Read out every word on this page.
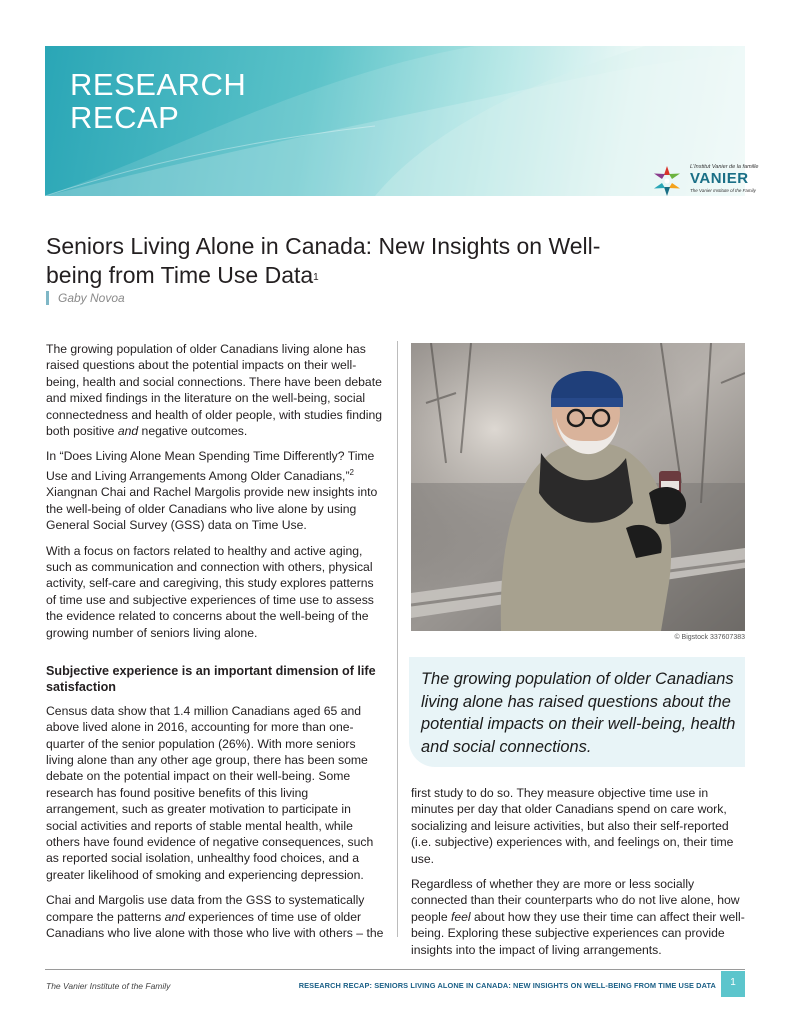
RESEARCH
RECAP
L'Institut Vanier de la famille
VANIER
The Vanier Institute of the Family
Seniors Living Alone in Canada: New Insights on Well-being from Time Use Data$^1$
Gaby Novoa

The growing population of older Canadians living alone has raised questions about the potential impacts on their well-being, health and social connections. There have been debate and mixed findings in the literature on the well-being, social connectedness and health of older people, with studies finding both positive and negative outcomes.

In “Does Living Alone Mean Spending Time Differently? Time Use and Living Arrangements Among Older Canadians,”$^2$ Xiangnan Chai and Rachel Margolis provide new insights into the well-being of older Canadians who live alone by using General Social Survey (GSS) data on Time Use.

With a focus on factors related to healthy and active aging, such as communication and connection with others, physical activity, self-care and caregiving, this study explores patterns of time use and subjective experiences of time use to assess the evidence related to concerns about the well-being of the growing number of seniors living alone.

Subjective experience is an important dimension of life satisfaction

Census data show that 1.4 million Canadians aged 65 and above lived alone in 2016, accounting for more than one-quarter of the senior population (26%). With more seniors living alone than any other age group, there has been some debate on the potential impact on their well-being. Some research has found positive benefits of this living arrangement, such as greater motivation to participate in social activities and reports of stable mental health, while others have found evidence of negative consequences, such as reported social isolation, unhealthy food choices, and a greater likelihood of smoking and experiencing depression.

Chai and Margolis use data from the GSS to systematically compare the patterns and experiences of time use of older Canadians who live alone with those who live with others – the

© Bigstock 337607383

The growing population of older Canadians living alone has raised questions about the potential impacts on their well-being, health and social connections.

first study to do so. They measure objective time use in minutes per day that older Canadians spend on care work, socializing and leisure activities, but also their self-reported (i.e. subjective) experiences with, and feelings on, their time use.

Regardless of whether they are more or less socially connected than their counterparts who do not live alone, how people feel about how they use their time can affect their well-being. Exploring these subjective experiences can provide insights into the impact of living arrangements.

The Vanier Institute of the Family	RESEARCH RECAP: SENIORS LIVING ALONE IN CANADA: NEW INSIGHTS ON WELL-BEING FROM TIME USE DATA	1
